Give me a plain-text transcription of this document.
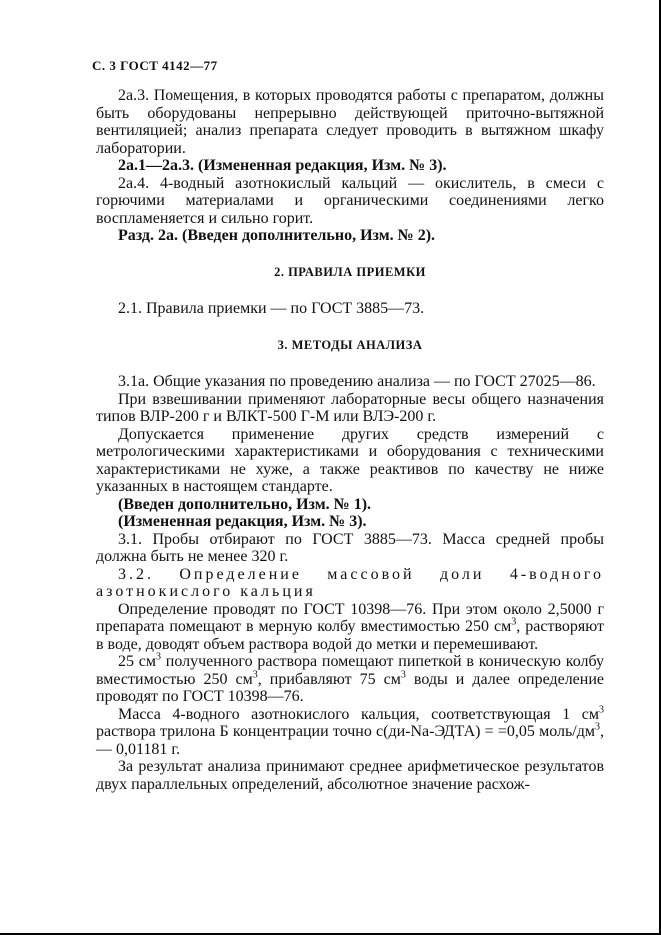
С. 3 ГОСТ 4142—77

2а.3. Помещения, в которых проводятся работы с препаратом, должны быть оборудованы непрерывно действующей приточно-вытяжной вентиляцией; анализ препарата следует проводить в вытяжном шкафу лаборатории.

2а.1—2а.3. (Измененная редакция, Изм. № 3).

2а.4. 4-водный азотнокислый кальций — окислитель, в смеси с горючими материалами и органическими соединениями легко воспламеняется и сильно горит.

Разд. 2а. (Введен дополнительно, Изм. № 2).

2. ПРАВИЛА ПРИЕМКИ

2.1. Правила приемки — по ГОСТ 3885—73.

3. МЕТОДЫ АНАЛИЗА

3.1а. Общие указания по проведению анализа — по ГОСТ 27025—86.

При взвешивании применяют лабораторные весы общего назначения типов ВЛР-200 г и ВЛКТ-500 Г-М или ВЛЭ-200 г.

Допускается применение других средств измерений с метрологическими характеристиками и оборудования с техническими характеристиками не хуже, а также реактивов по качеству не ниже указанных в настоящем стандарте.

(Введен дополнительно, Изм. № 1).

(Измененная редакция, Изм. № 3).

3.1. Пробы отбирают по ГОСТ 3885—73. Масса средней пробы должна быть не менее 320 г.

3.2. Определение массовой доли 4-водного азотнокислого кальция

Определение проводят по ГОСТ 10398—76. При этом около 2,5000 г препарата помещают в мерную колбу вместимостью 250 $см^3$, растворяют в воде, доводят объем раствора водой до метки и перемешивают.

25 $см^3$ полученного раствора помещают пипеткой в коническую колбу вместимостью 250 $см^3$, прибавляют 75 $см^3$ воды и далее определение проводят по ГОСТ 10398—76.

Масса 4-водного азотнокислого кальция, соответствующая 1 $см^3$ раствора трилона Б концентрации точно с(ди-Na-ЭДТА) = =0,05 моль/$дм^3$, — 0,01181 г.

За результат анализа принимают среднее арифметическое результатов двух параллельных определений, абсолютное значение расхож-
